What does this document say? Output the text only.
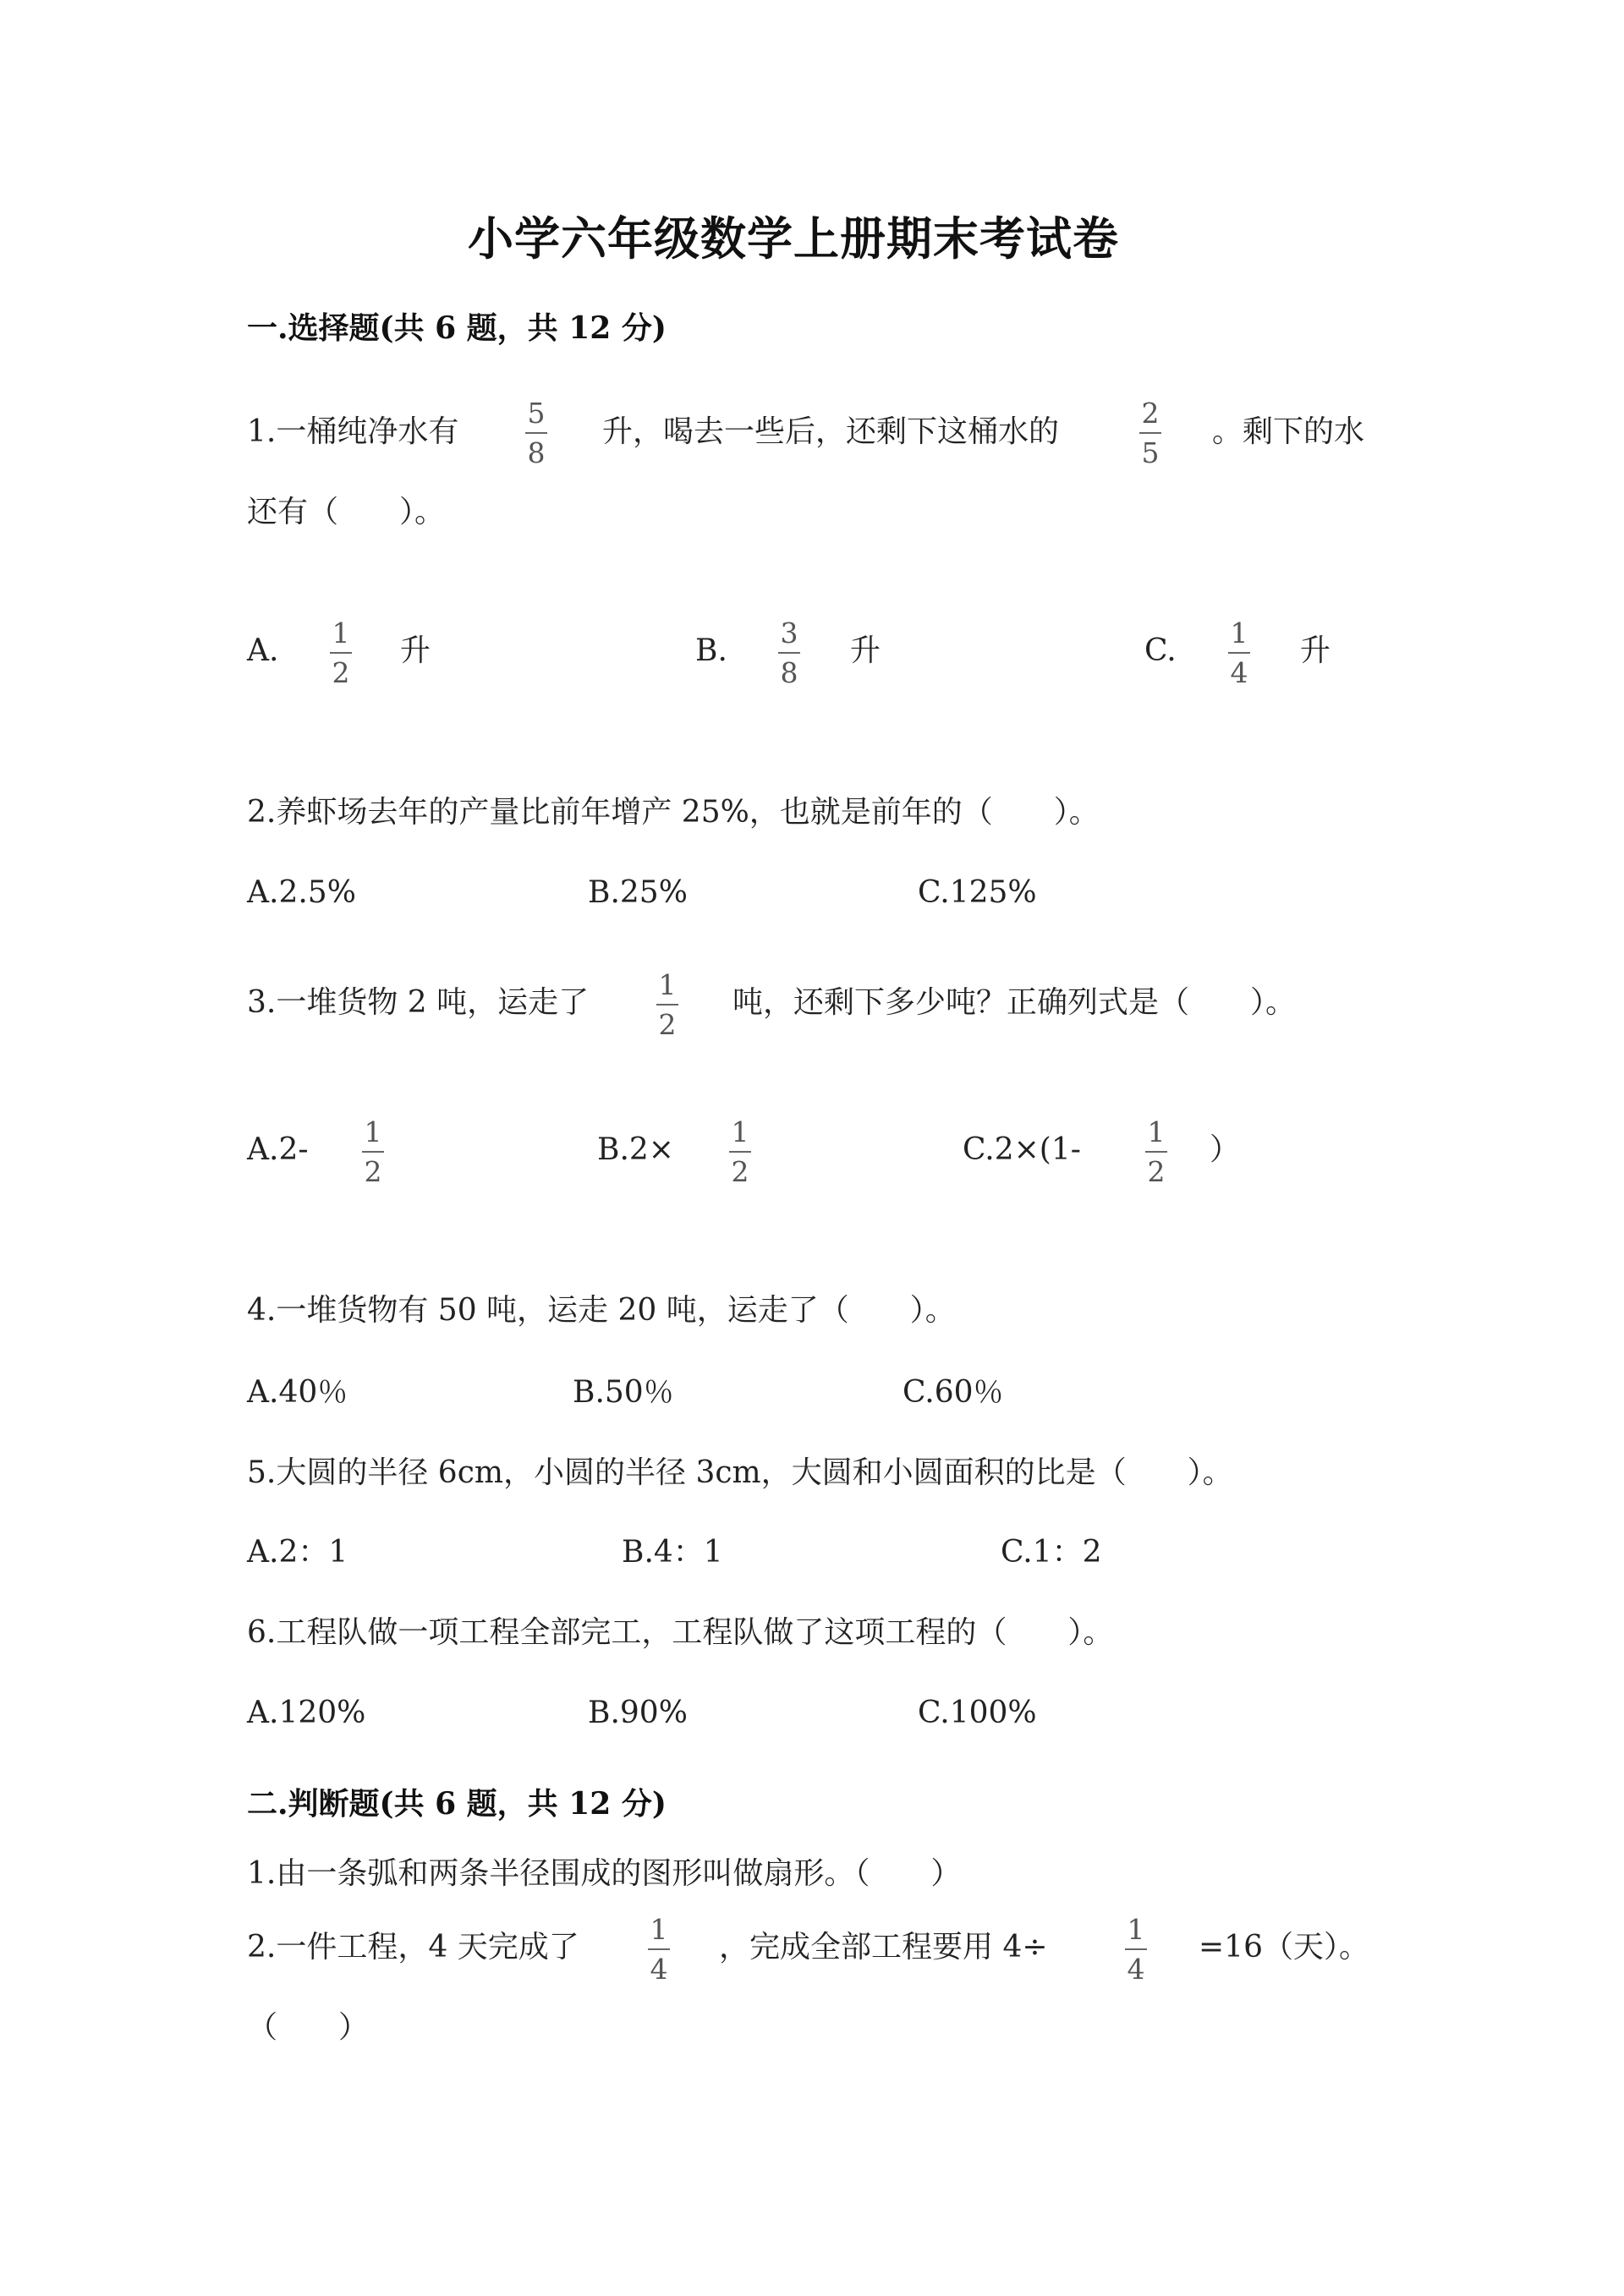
小学六年级数学上册期末考试卷
一.选择题(共 6 题，共 12 分)
1.一桶纯净水有
5
8
升，喝去一些后，还剩下这桶水的
2
5
。剩下的水
还有（　　）。
A.
1
2
升	B.
3
8
升	C.
1
4
升
2.养虾场去年的产量比前年增产 25%，也就是前年的（　　）。
A.2.5%	B.25%	C.125%
3.一堆货物 2 吨，运走了
1
2
吨，还剩下多少吨？正确列式是（　　）。
A.2-
1
2
B.2×
1
2
C.2×(1-
1
2
）
4.一堆货物有 50 吨，运走 20 吨，运走了（　　）。
A.40％	B.50％	C.60％
5.大圆的半径 6cm，小圆的半径 3cm，大圆和小圆面积的比是（　　）。
A.2：1	B.4：1	C.1：2
6.工程队做一项工程全部完工，工程队做了这项工程的（　　）。
A.120%	B.90%	C.100%
二.判断题(共 6 题，共 12 分)
1.由一条弧和两条半径围成的图形叫做扇形。（　　）
2.一件工程，4 天完成了
1
4
，完成全部工程要用 4÷
1
4
=16（天）。
（　　）
